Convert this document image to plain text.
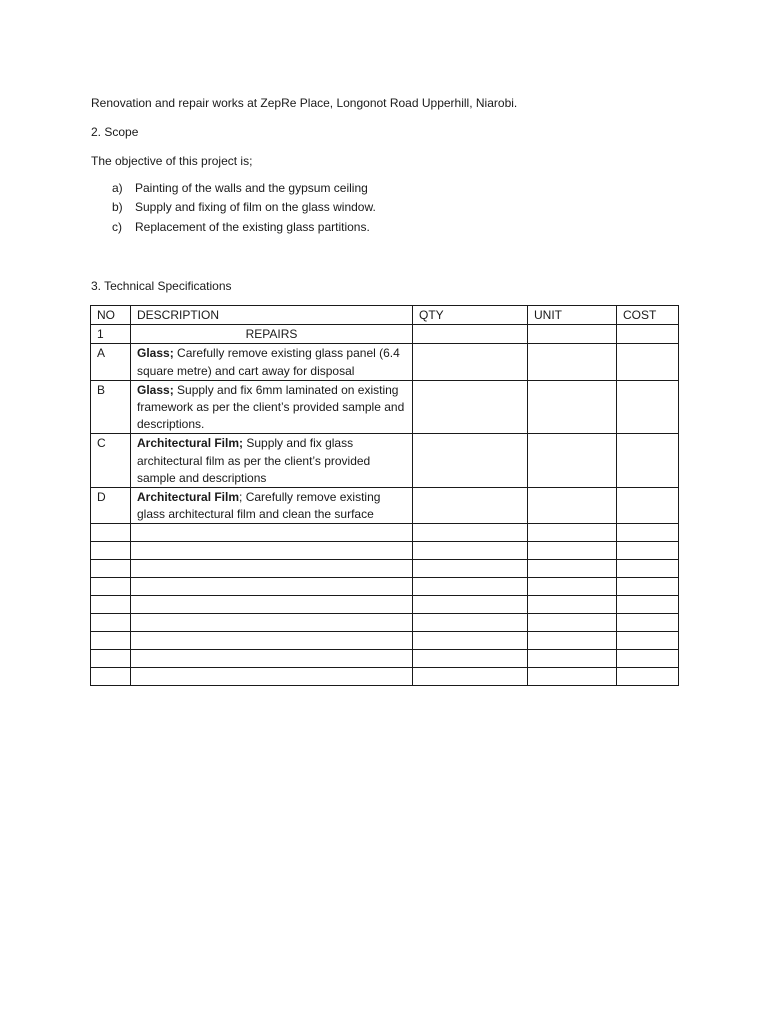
Renovation and repair works at ZepRe Place, Longonot Road Upperhill, Niarobi.
2. Scope
The objective of this project is;
a)	Painting of the walls and the gypsum ceiling
b)	Supply and fixing of film on the glass window.
c)	Replacement of the existing glass partitions.
3. Technical Specifications
NO	DESCRIPTION	QTY	UNIT	COST
1	REPAIRS			
A	Glass; Carefully remove existing glass panel (6.4 square metre) and cart away for disposal			
B	Glass; Supply and fix 6mm laminated on existing framework as per the client’s provided sample and descriptions.			
C	Architectural Film; Supply and fix glass architectural film as per the client’s provided sample and descriptions			
D	Architectural Film; Carefully remove existing glass architectural film and clean the surface			
